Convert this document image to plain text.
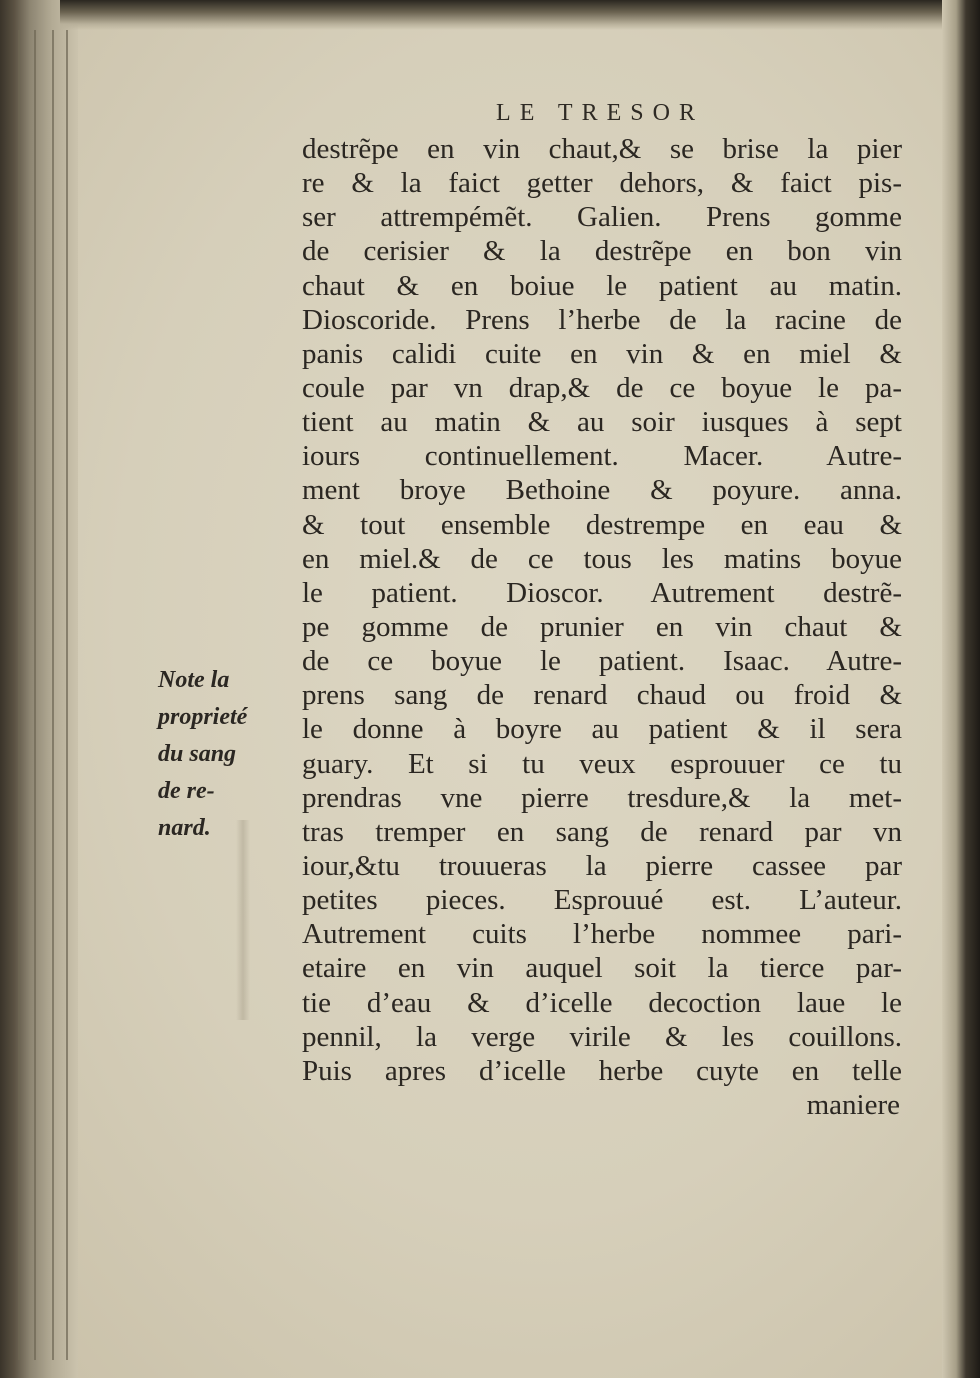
LE TRESOR
Note la
proprieté
du sang
de re-
nard.
destrẽpe en vin chaut,& se brise la pier
re & la faict getter dehors, & faict pis-
ser attrempémẽt. Galien. Prens gomme
de cerisier & la destrẽpe en bon vin
chaut & en boiue le patient au matin.
Dioscoride. Prens l’herbe de la racine de
panis calidi cuite en vin & en miel &
coule par vn drap,& de ce boyue le pa-
tient au matin & au soir iusques à sept
iours continuellement. Macer. Autre-
ment broye Bethoine & poyure. anna.
& tout ensemble destrempe en eau &
en miel.& de ce tous les matins boyue
le patient. Dioscor. Autrement destrẽ-
pe gomme de prunier en vin chaut &
de ce boyue le patient. Isaac. Autre-
prens sang de renard chaud ou froid &
le donne à boyre au patient & il sera
guary. Et si tu veux esprouuer ce tu
prendras vne pierre tresdure,& la met-
tras tremper en sang de renard par vn
iour,&tu trouueras la pierre cassee par
petites pieces. Esprouué est. L’auteur.
Autrement cuits l’herbe nommee pari-
etaire en vin auquel soit la tierce par-
tie d’eau & d’icelle decoction laue le
pennil, la verge virile & les couillons.
Puis apres d’icelle herbe cuyte en telle
maniere
